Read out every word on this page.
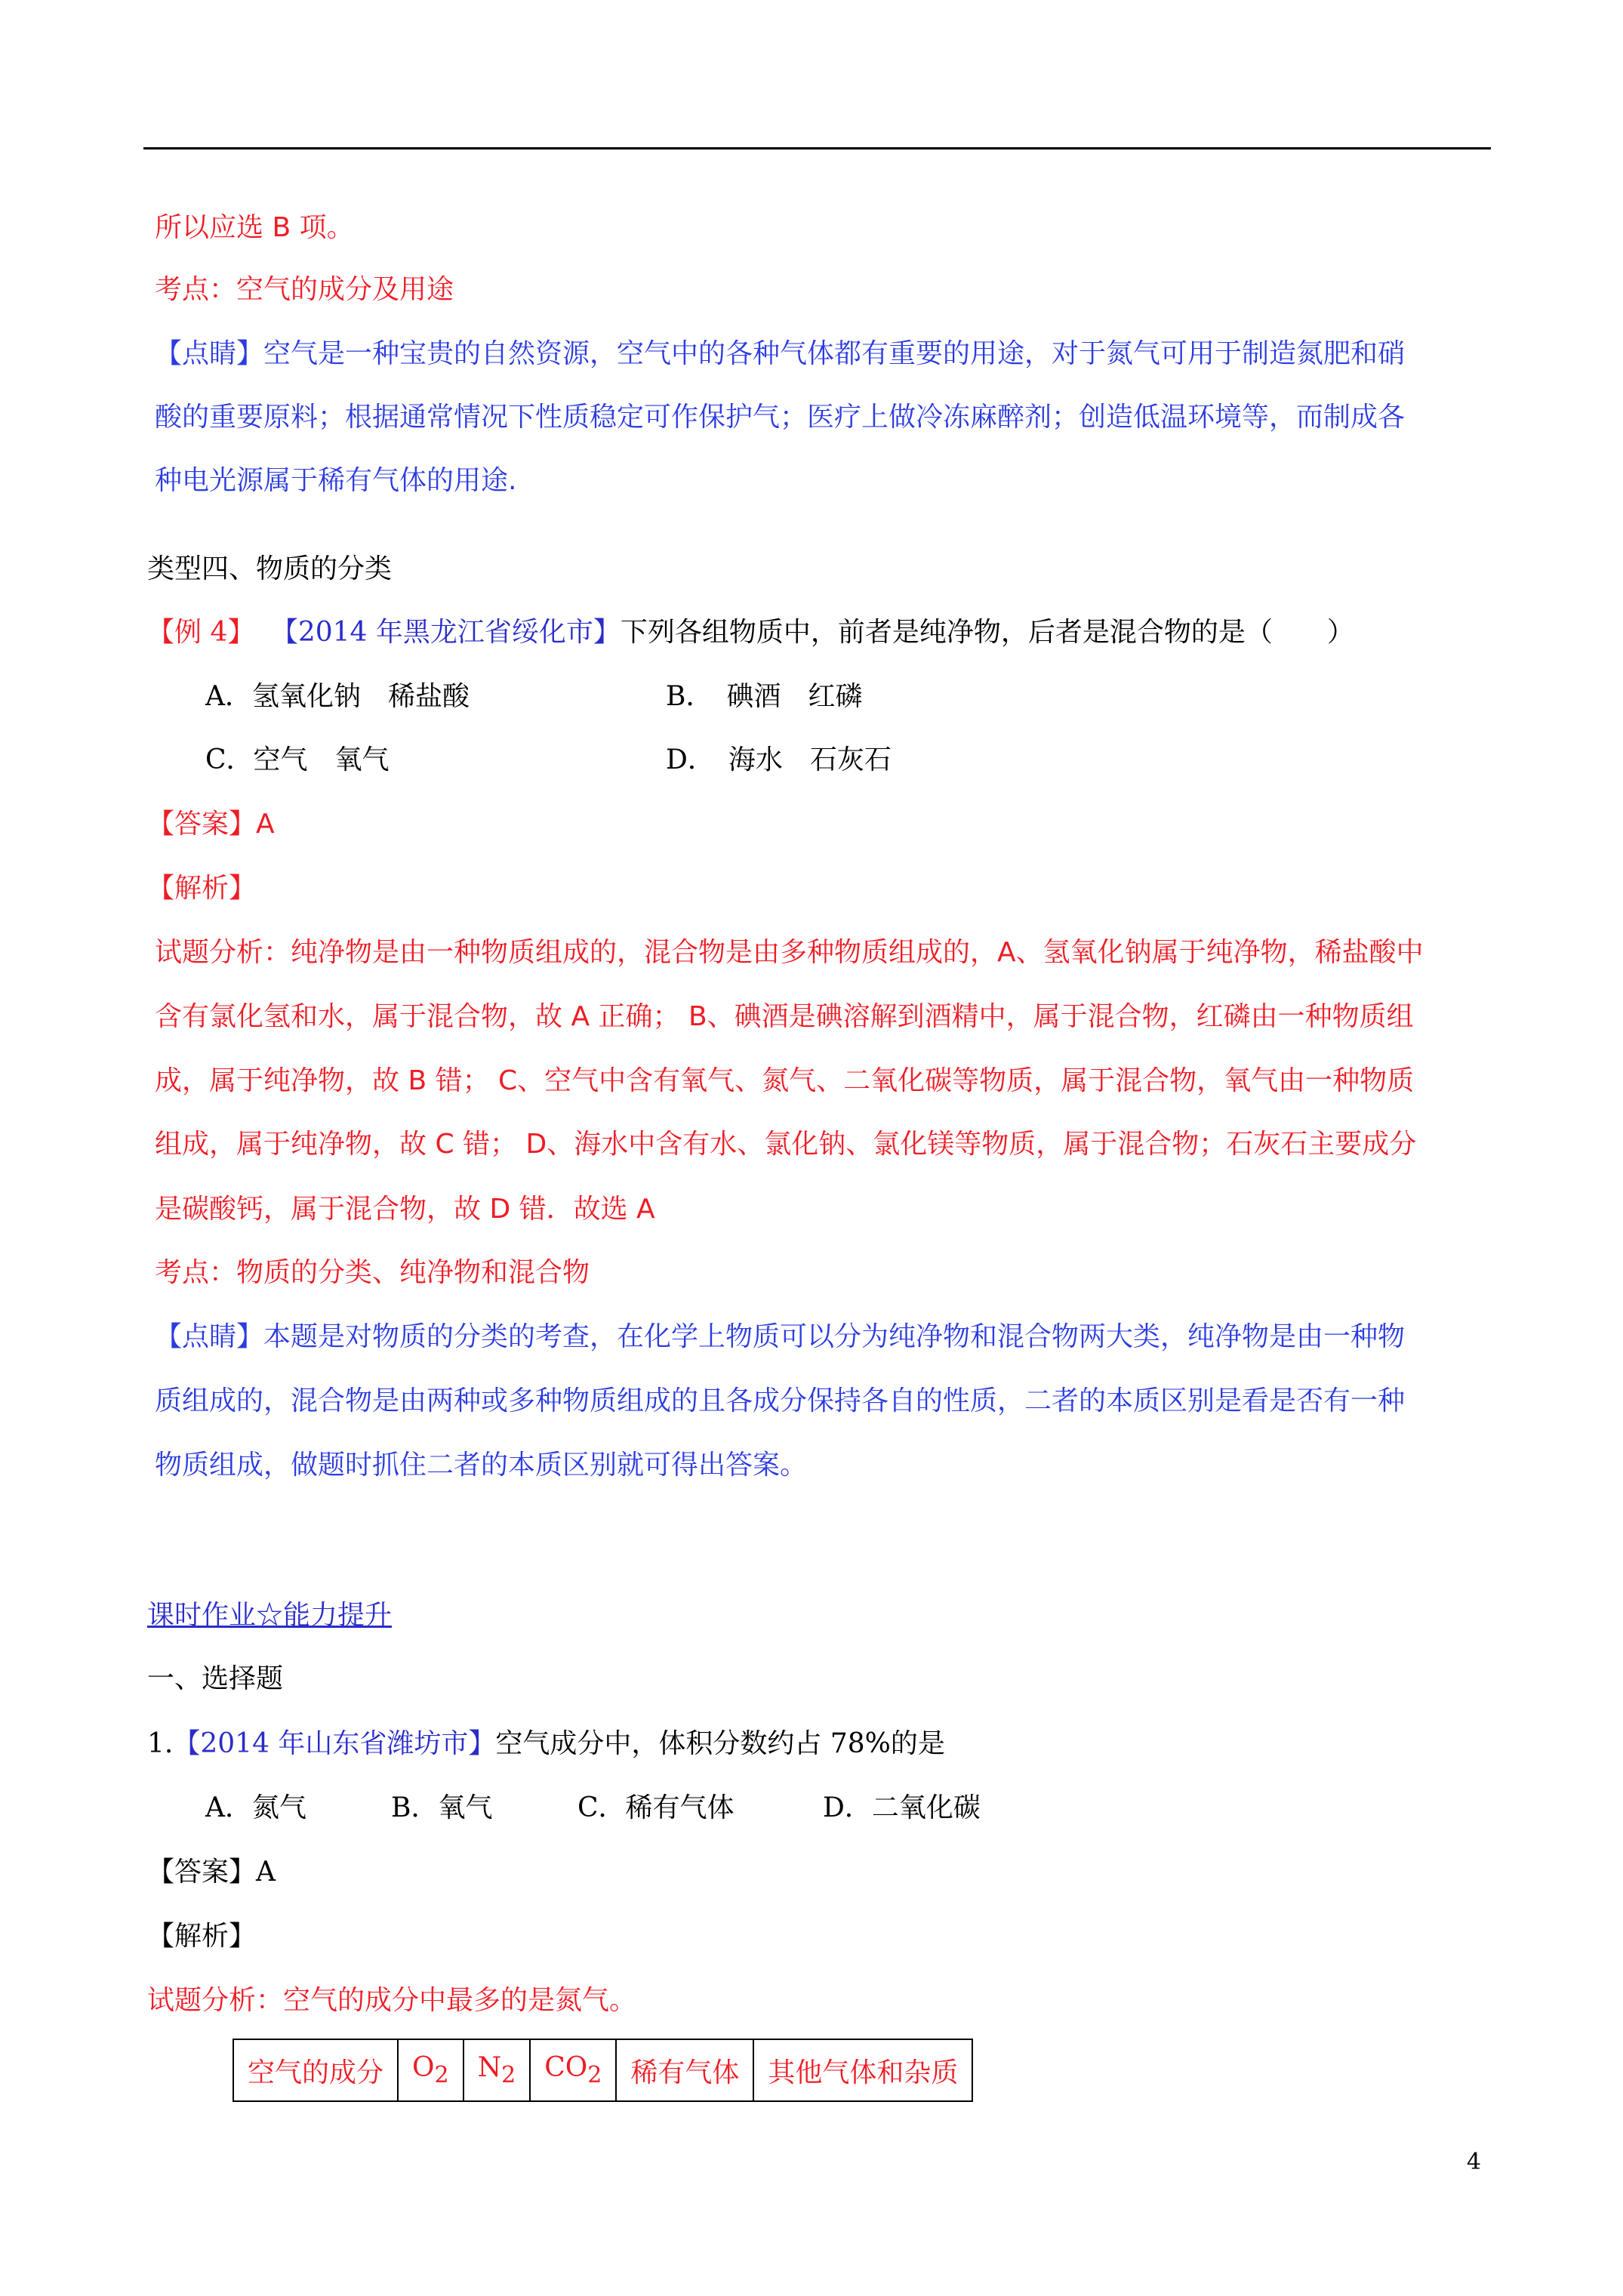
所以应选 B 项。
考点：空气的成分及用途
【点睛】空气是一种宝贵的自然资源，空气中的各种气体都有重要的用途，对于氮气可用于制造氮肥和硝
酸的重要原料；根据通常情况下性质稳定可作保护气；医疗上做冷冻麻醉剂；创造低温环境等，而制成各
种电光源属于稀有气体的用途.
类型四、物质的分类
【例 4】 【2014 年黑龙江省绥化市】下列各组物质中，前者是纯净物，后者是混合物的是（　　）
A．氢氧化钠　稀盐酸	B．　碘酒　红磷
C．空气　氧气	D．　海水　石灰石
【答案】A
【解析】
试题分析：纯净物是由一种物质组成的，混合物是由多种物质组成的，A、氢氧化钠属于纯净物，稀盐酸中
含有氯化氢和水，属于混合物，故 A 正确； B、碘酒是碘溶解到酒精中，属于混合物，红磷由一种物质组
成，属于纯净物，故 B 错； C、空气中含有氧气、氮气、二氧化碳等物质，属于混合物，氧气由一种物质
组成，属于纯净物，故 C 错； D、海水中含有水、氯化钠、氯化镁等物质，属于混合物；石灰石主要成分
是碳酸钙，属于混合物，故 D 错．故选 A
考点：物质的分类、纯净物和混合物
【点睛】本题是对物质的分类的考查，在化学上物质可以分为纯净物和混合物两大类，纯净物是由一种物
质组成的，混合物是由两种或多种物质组成的且各成分保持各自的性质，二者的本质区别是看是否有一种
物质组成，做题时抓住二者的本质区别就可得出答案。
课时作业☆能力提升
一、选择题
1.【2014 年山东省潍坊市】空气成分中，体积分数约占 78%的是
A．氮气	B．氧气	C．稀有气体	D．二氧化碳
【答案】A
【解析】
试题分析：空气的成分中最多的是氮气。
空气的成分	$O_2$	$N_2$	$CO_2$	稀有气体	其他气体和杂质
4
